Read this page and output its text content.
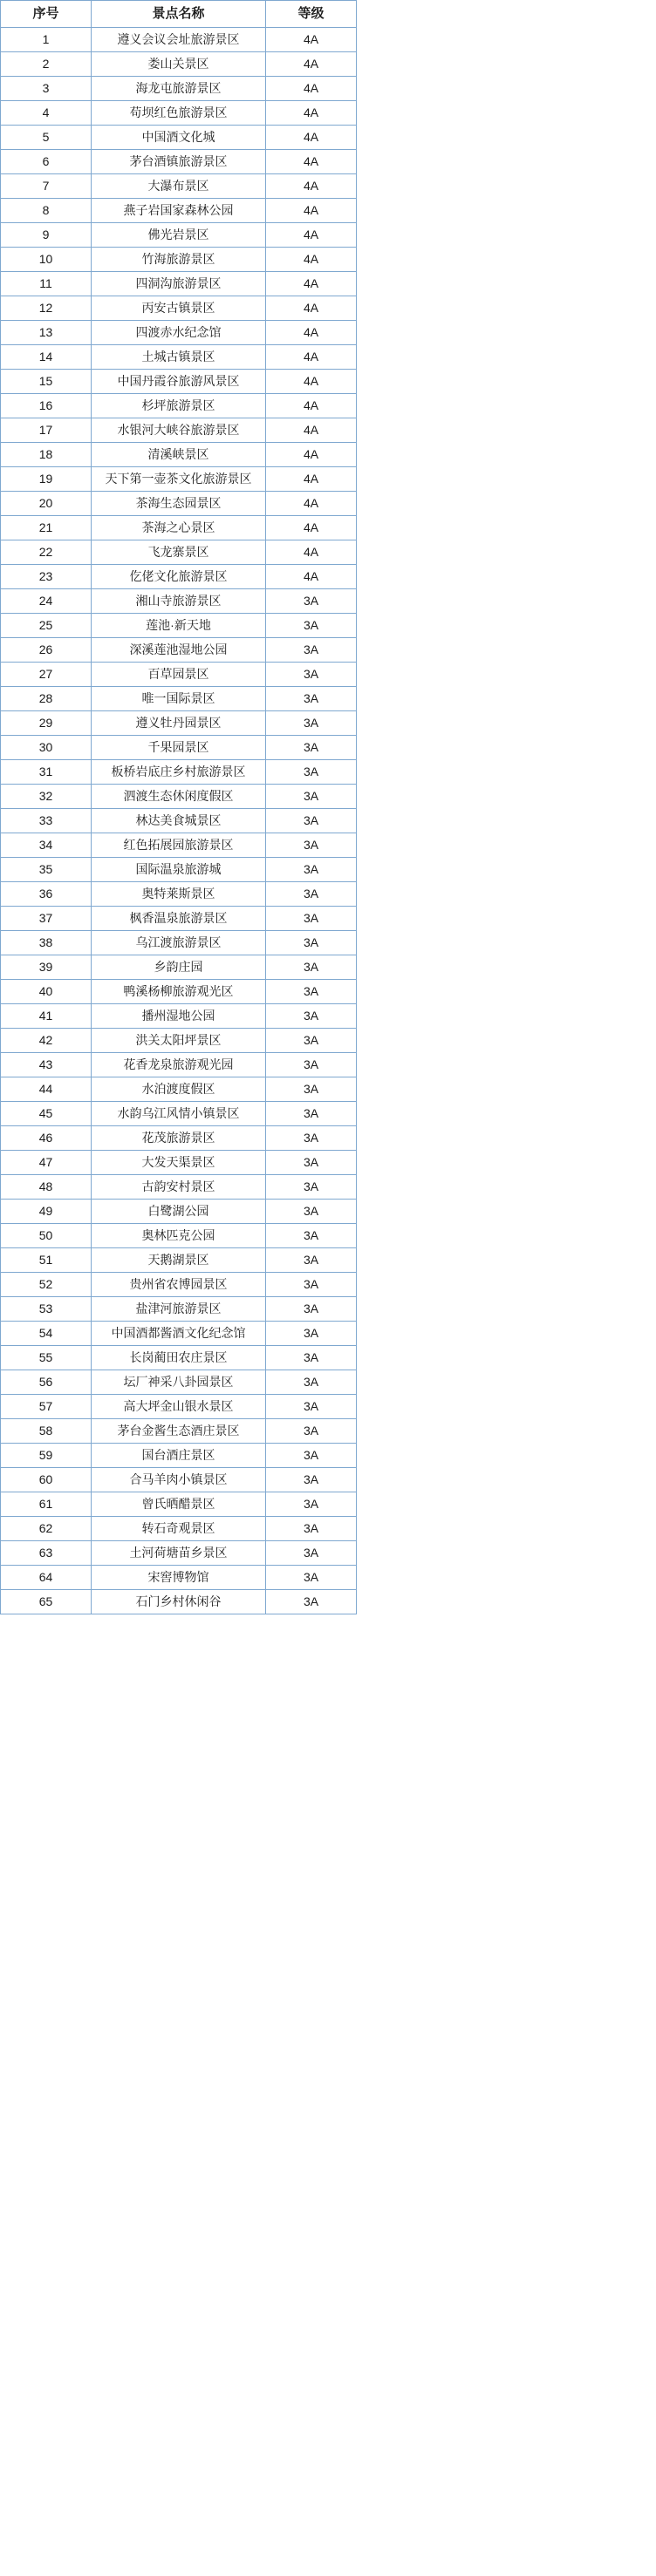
序号	景点名称	等级
1	遵义会议会址旅游景区	4A
2	娄山关景区	4A
3	海龙屯旅游景区	4A
4	苟坝红色旅游景区	4A
5	中国酒文化城	4A
6	茅台酒镇旅游景区	4A
7	大瀑布景区	4A
8	燕子岩国家森林公园	4A
9	佛光岩景区	4A
10	竹海旅游景区	4A
11	四洞沟旅游景区	4A
12	丙安古镇景区	4A
13	四渡赤水纪念馆	4A
14	土城古镇景区	4A
15	中国丹霞谷旅游风景区	4A
16	杉坪旅游景区	4A
17	水银河大峡谷旅游景区	4A
18	清溪峡景区	4A
19	天下第一壶茶文化旅游景区	4A
20	茶海生态园景区	4A
21	茶海之心景区	4A
22	飞龙寨景区	4A
23	仡佬文化旅游景区	4A
24	湘山寺旅游景区	3A
25	莲池·新天地	3A
26	深溪莲池湿地公园	3A
27	百草园景区	3A
28	唯一国际景区	3A
29	遵义牡丹园景区	3A
30	千果园景区	3A
31	板桥岩底庄乡村旅游景区	3A
32	泗渡生态休闲度假区	3A
33	林达美食城景区	3A
34	红色拓展园旅游景区	3A
35	国际温泉旅游城	3A
36	奥特莱斯景区	3A
37	枫香温泉旅游景区	3A
38	乌江渡旅游景区	3A
39	乡韵庄园	3A
40	鸭溪杨柳旅游观光区	3A
41	播州湿地公园	3A
42	洪关太阳坪景区	3A
43	花香龙泉旅游观光园	3A
44	水泊渡度假区	3A
45	水韵乌江风情小镇景区	3A
46	花茂旅游景区	3A
47	大发天渠景区	3A
48	古韵安村景区	3A
49	白鹭湖公园	3A
50	奥林匹克公园	3A
51	天鹅湖景区	3A
52	贵州省农博园景区	3A
53	盐津河旅游景区	3A
54	中国酒都酱酒文化纪念馆	3A
55	长岗蔺田农庄景区	3A
56	坛厂神采八卦园景区	3A
57	高大坪金山银水景区	3A
58	茅台金酱生态酒庄景区	3A
59	国台酒庄景区	3A
60	合马羊肉小镇景区	3A
61	曾氏晒醋景区	3A
62	转石奇观景区	3A
63	土河荷塘苗乡景区	3A
64	宋窖博物馆	3A
65	石门乡村休闲谷	3A
